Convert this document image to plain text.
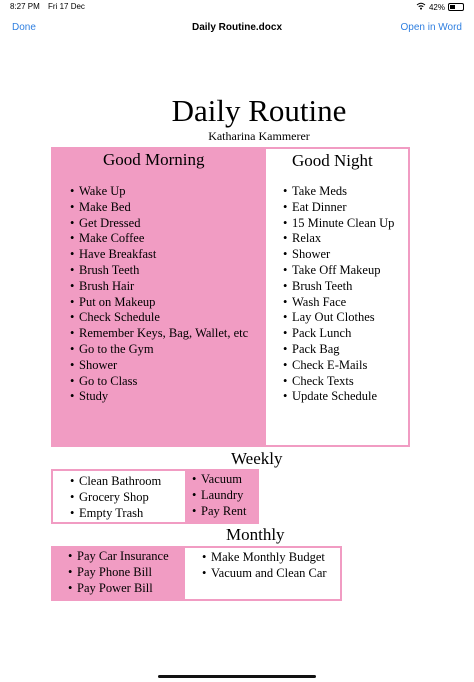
8:27 PM Fri 17 Dec	42%
Done	Daily Routine.docx	Open in Word
Daily Routine
Katharina Kammerer
Good Morning
• Wake Up
• Make Bed
• Get Dressed
• Make Coffee
• Have Breakfast
• Brush Teeth
• Brush Hair
• Put on Makeup
• Check Schedule
• Remember Keys, Bag, Wallet, etc
• Go to the Gym
• Shower
• Go to Class
• Study
Good Night
• Take Meds
• Eat Dinner
• 15 Minute Clean Up
• Relax
• Shower
• Take Off Makeup
• Brush Teeth
• Wash Face
• Lay Out Clothes
• Pack Lunch
• Pack Bag
• Check E-Mails
• Check Texts
• Update Schedule
Weekly
• Clean Bathroom
• Grocery Shop
• Empty Trash
• Vacuum
• Laundry
• Pay Rent
Monthly
• Pay Car Insurance
• Pay Phone Bill
• Pay Power Bill
• Make Monthly Budget
• Vacuum and Clean Car
